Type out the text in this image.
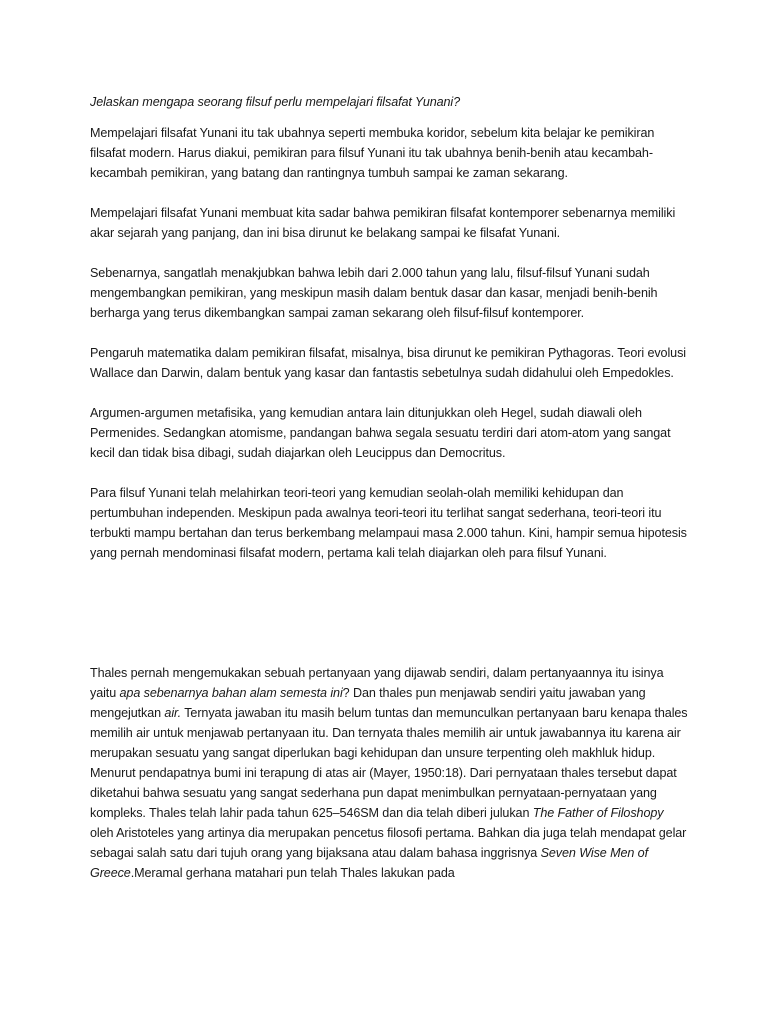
Jelaskan mengapa seorang filsuf perlu mempelajari filsafat Yunani?

Mempelajari filsafat Yunani itu tak ubahnya seperti membuka koridor, sebelum kita belajar ke pemikiran filsafat modern. Harus diakui, pemikiran para filsuf Yunani itu tak ubahnya benih-benih atau kecambah-kecambah pemikiran, yang batang dan rantingnya tumbuh sampai ke zaman sekarang.

Mempelajari filsafat Yunani membuat kita sadar bahwa pemikiran filsafat kontemporer sebenarnya memiliki akar sejarah yang panjang, dan ini bisa dirunut ke belakang sampai ke filsafat Yunani.

Sebenarnya, sangatlah menakjubkan bahwa lebih dari 2.000 tahun yang lalu, filsuf-filsuf Yunani sudah mengembangkan pemikiran, yang meskipun masih dalam bentuk dasar dan kasar, menjadi benih-benih berharga yang terus dikembangkan sampai zaman sekarang oleh filsuf-filsuf kontemporer.

Pengaruh matematika dalam pemikiran filsafat, misalnya, bisa dirunut ke pemikiran Pythagoras. Teori evolusi Wallace dan Darwin, dalam bentuk yang kasar dan fantastis sebetulnya sudah didahului oleh Empedokles.

Argumen-argumen metafisika, yang kemudian antara lain ditunjukkan oleh Hegel, sudah diawali oleh Permenides. Sedangkan atomisme, pandangan bahwa segala sesuatu terdiri dari atom-atom yang sangat kecil dan tidak bisa dibagi, sudah diajarkan oleh Leucippus dan Democritus.

Para filsuf Yunani telah melahirkan teori-teori yang kemudian seolah-olah memiliki kehidupan dan pertumbuhan independen. Meskipun pada awalnya teori-teori itu terlihat sangat sederhana, teori-teori itu terbukti mampu bertahan dan terus berkembang melampaui masa 2.000 tahun. Kini, hampir semua hipotesis yang pernah mendominasi filsafat modern, pertama kali telah diajarkan oleh para filsuf Yunani.

Thales pernah mengemukakan sebuah pertanyaan yang dijawab sendiri, dalam pertanyaannya itu isinya yaitu apa sebenarnya bahan alam semesta ini? Dan thales pun menjawab sendiri yaitu jawaban yang mengejutkan air. Ternyata jawaban itu masih belum tuntas dan memunculkan pertanyaan baru kenapa thales memilih air untuk menjawab pertanyaan itu. Dan ternyata thales memilih air untuk jawabannya itu karena air merupakan sesuatu yang sangat diperlukan bagi kehidupan dan unsure terpenting oleh makhluk hidup. Menurut pendapatnya bumi ini terapung di atas air (Mayer, 1950:18). Dari pernyataan thales tersebut dapat diketahui bahwa sesuatu yang sangat sederhana pun dapat menimbulkan pernyataan-pernyataan yang kompleks. Thales telah lahir pada tahun 625–546SM dan dia telah diberi julukan The Father of Filoshopy oleh Aristoteles yang artinya dia merupakan pencetus filosofi pertama. Bahkan dia juga telah mendapat gelar sebagai salah satu dari tujuh orang yang bijaksana atau dalam bahasa inggrisnya Seven Wise Men of Greece.Meramal gerhana matahari pun telah Thales lakukan pada
